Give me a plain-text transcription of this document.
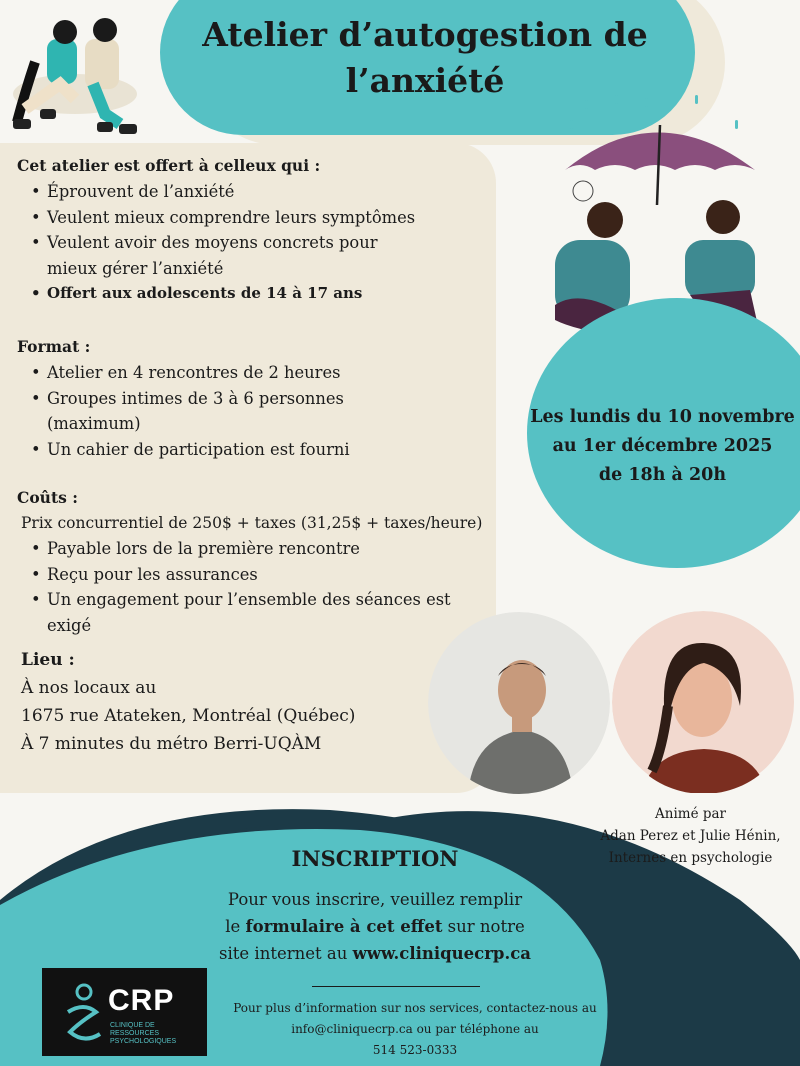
Atelier d’autogestion de
l’anxiété
Cet atelier est offert à celleux qui :
• Éprouvent de l’anxiété
• Veulent mieux comprendre leurs symptômes
• Veulent avoir des moyens concrets pour
mieux gérer l’anxiété
• Offert aux adolescents de 14 à 17 ans
Format :
• Atelier en 4 rencontres de 2 heures
• Groupes intimes de 3 à 6 personnes
(maximum)
• Un cahier de participation est fourni
Coûts :
Prix concurrentiel de 250$ + taxes (31,25$ + taxes/heure)
• Payable lors de la première rencontre
• Reçu pour les assurances
• Un engagement pour l’ensemble des séances est exigé
Lieu :
À nos locaux au
1675 rue Atateken, Montréal (Québec)
À 7 minutes du métro Berri-UQÀM
Les lundis du 10 novembre
au 1er décembre 2025
de 18h à 20h
Animé par
Adan Perez et Julie Hénin,
Internes en psychologie
INSCRIPTION
Pour vous inscrire, veuillez remplir
le formulaire à cet effet sur notre
site internet au www.cliniquecrp.ca
Pour plus d’information sur nos services, contactez-nous au
info@cliniquecrp.ca ou par téléphone au
514 523-0333
CRP
CLINIQUE DE
RESSOURCES
PSYCHOLOGIQUES
